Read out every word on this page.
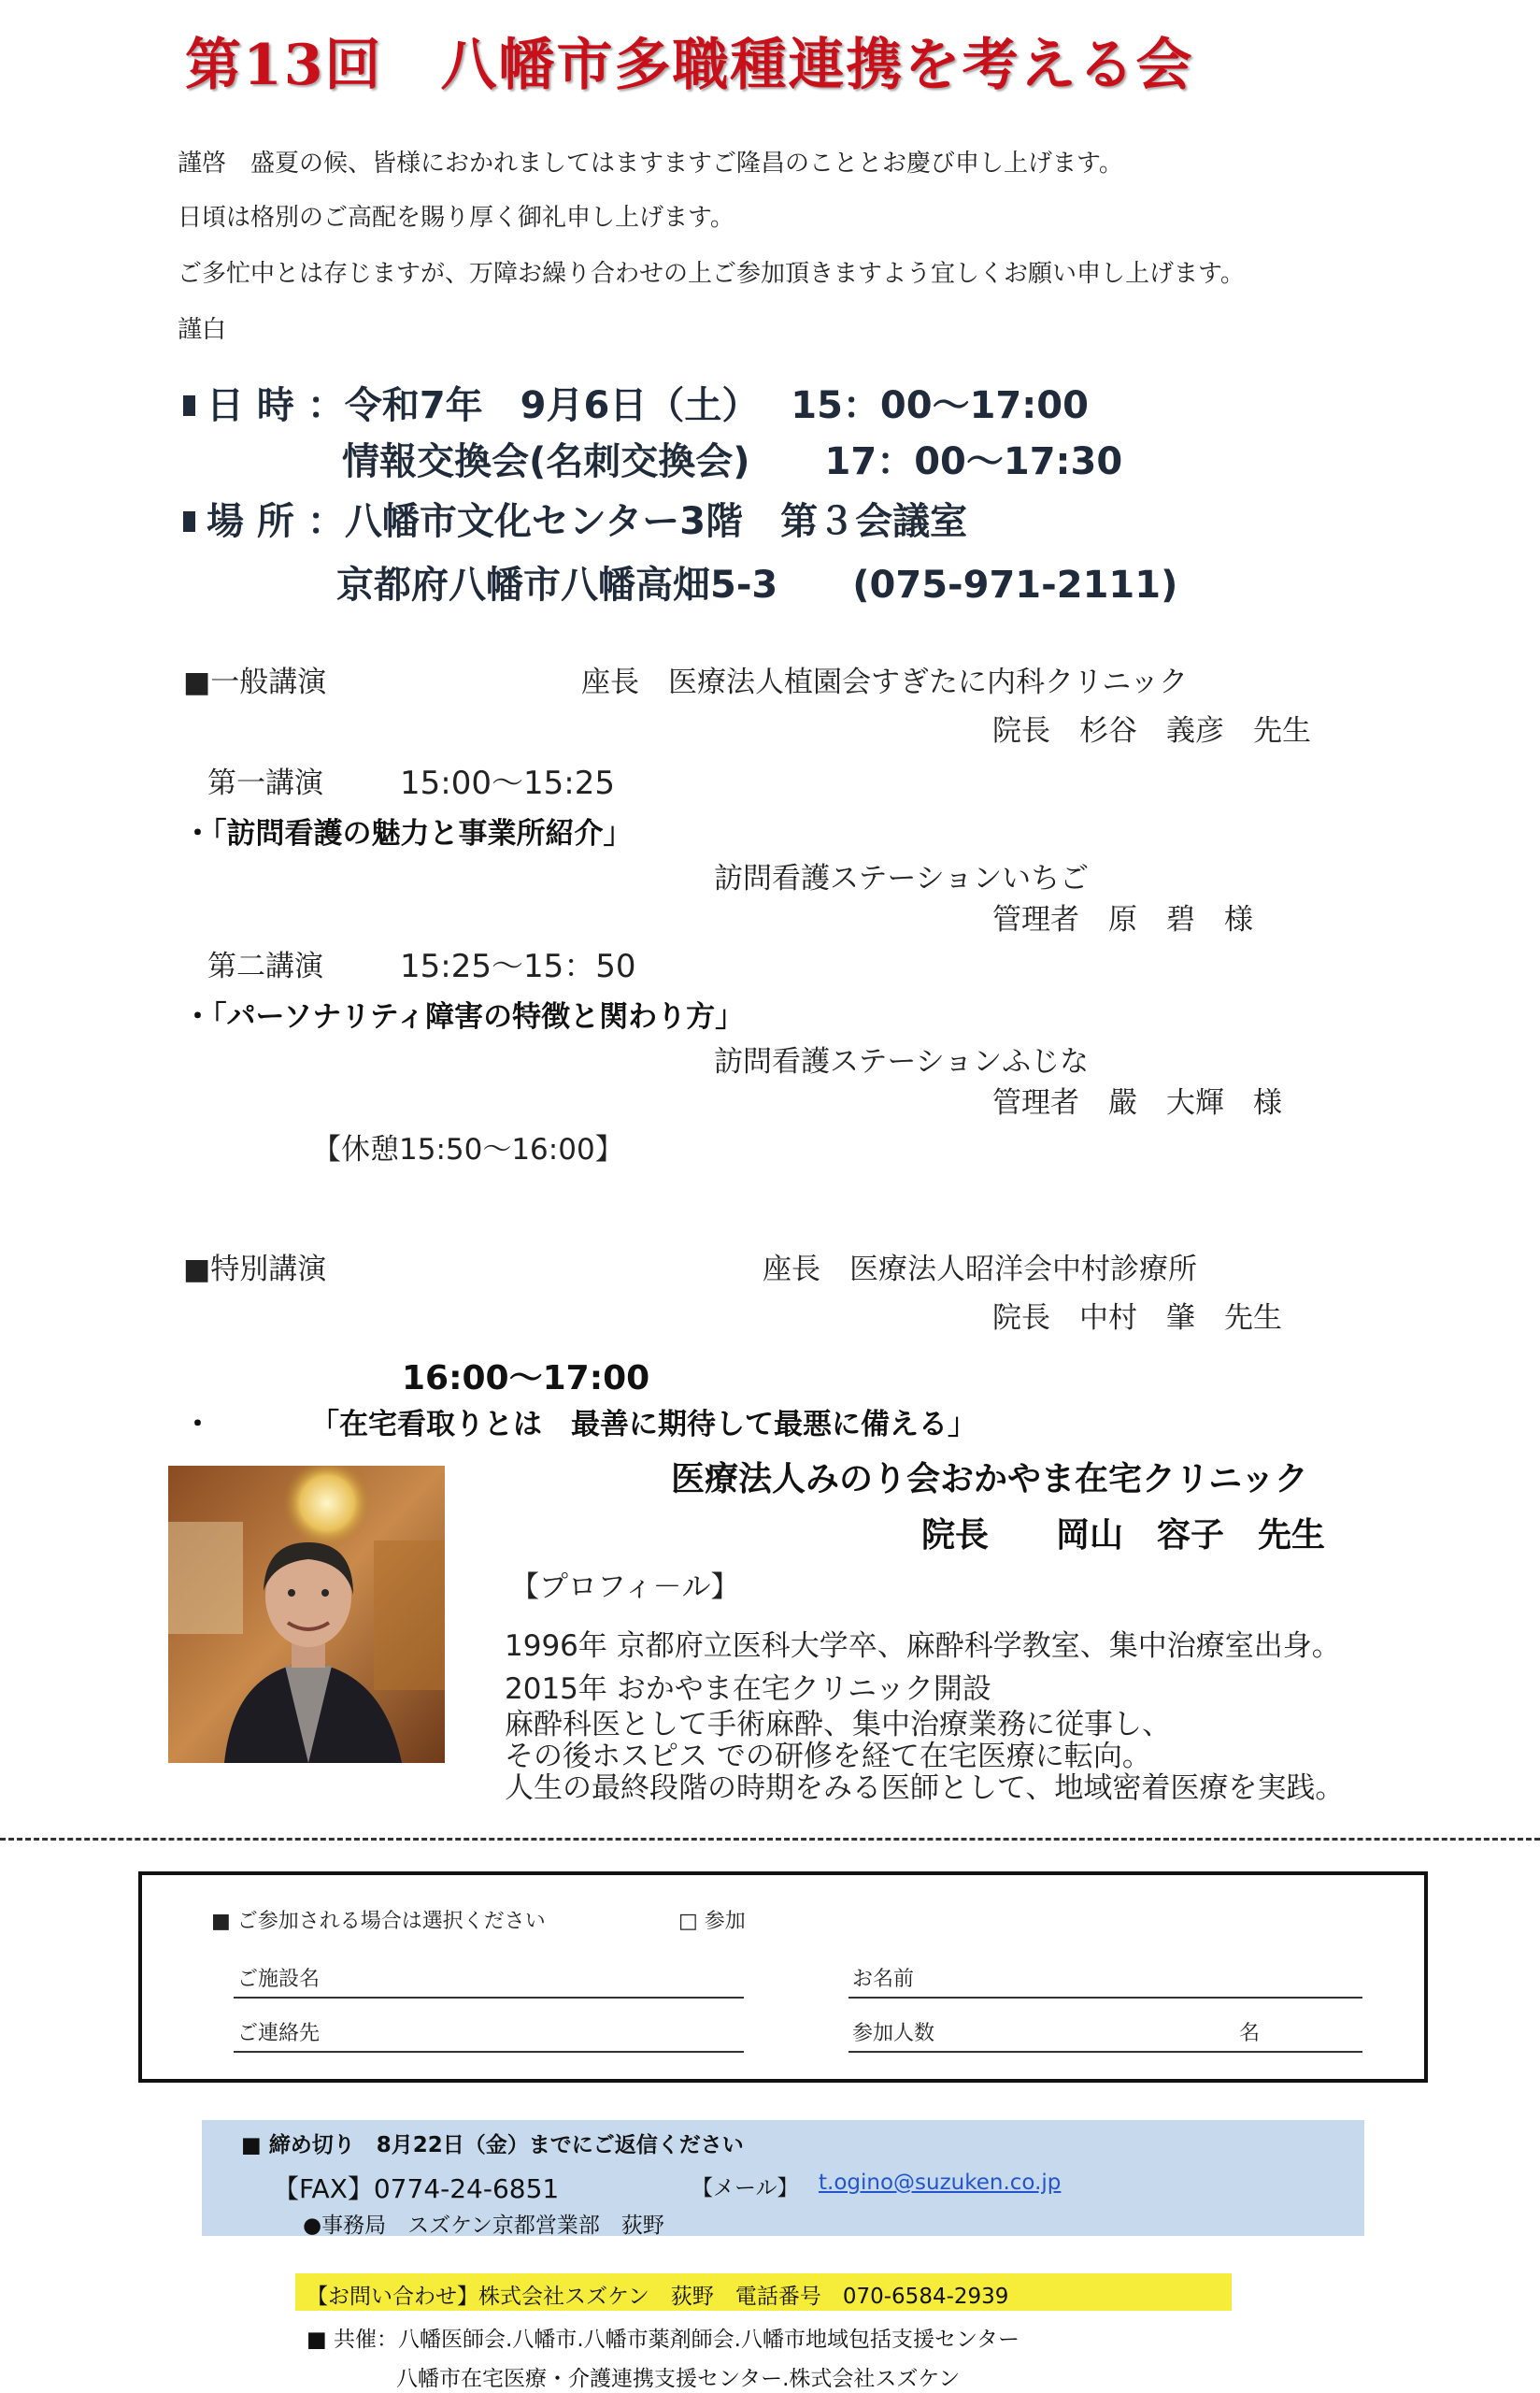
第13回　八幡市多職種連携を考える会
謹啓　盛夏の候、皆様におかれましてはますますご隆昌のこととお慶び申し上げます。
日頃は格別のご高配を賜り厚く御礼申し上げます。
ご多忙中とは存じますが、万障お繰り合わせの上ご参加頂きますよう宜しくお願い申し上げます。
謹白
日 時 ：令和7年　9月6日（土）　 15：00～17:00
情報交換会(名刺交換会)　　17：00～17:30
場 所 ：八幡市文化センター3階　第３会議室
京都府八幡市八幡高畑5-3　　(075-971-2111)
■一般講演	座長　医療法人植園会すぎたに内科クリニック
院長　杉谷　義彦　先生
第一講演 15:00～15:25
・「訪問看護の魅力と事業所紹介」
訪問看護ステーションいちご
管理者　原　碧　様
第二講演 15:25～15：50
・「パーソナリティ障害の特徴と関わり方」
訪問看護ステーションふじな
管理者　嚴　大輝　様
【休憩15:50～16:00】
■特別講演	座長　医療法人昭洋会中村診療所
院長　中村　肇　先生
16:00～17:00
・	「在宅看取りとは　最善に期待して最悪に備える」
医療法人みのり会おかやま在宅クリニック
院長　　岡山　容子　先生
【プロフィ－ル】
1996年 京都府立医科大学卒、麻酔科学教室、集中治療室出身。
2015年 おかやま在宅クリニック開設
麻酔科医として手術麻酔、集中治療業務に従事し、
その後ホスピス での研修を経て在宅医療に転向。
人生の最終段階の時期をみる医師として、地域密着医療を実践。
■ ご参加される場合は選択ください	□ 参加
ご施設名	お名前
ご連絡先	参加人数	名
■ 締め切り　8月22日（金）までにご返信ください
【FAX】0774-24-6851	【メール】 t.ogino@suzuken.co.jp
●事務局　スズケン京都営業部　荻野
【お問い合わせ】株式会社スズケン　荻野　電話番号　070-6584-2939
■ 共催：八幡医師会.八幡市.八幡市薬剤師会.八幡市地域包括支援センター
八幡市在宅医療・介護連携支援センター.株式会社スズケン
